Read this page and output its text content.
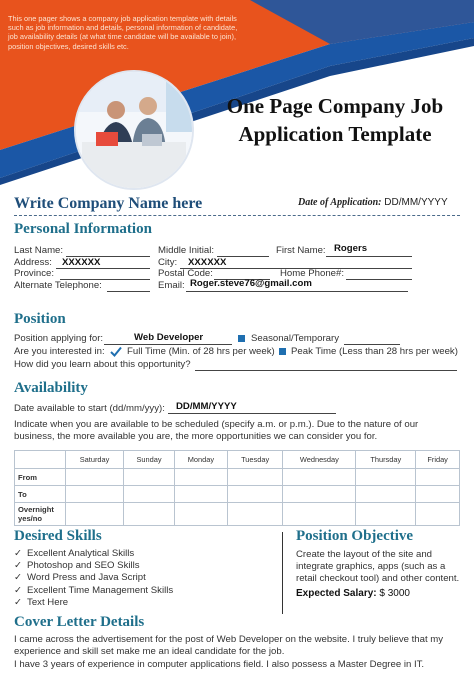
This one pager shows a company job application template with details such as job information and details, personal information of candidate, job availability details (at what time candidate will be available to join), position objectives, desired skills etc.
One Page Company Job
Application Template
Write Company Name here	Date of Application: DD/MM/YYYY
Personal Information
Last Name:	Middle Initial:	First Name: Rogers
Address: XXXXXX	City: XXXXXX
Province:	Postal Code:	Home Phone#:
Alternate Telephone:	Email: Roger.steve76@gmail.com
Position
Position applying for:	Web Developer	Seasonal/Temporary
Are you interested in: Full Time (Min. of 28 hrs per week) Peak Time (Less than 28 hrs per week)
How did you learn about this opportunity?
Availability
Date available to start (dd/mm/yyy): DD/MM/YYYY
Indicate when you are available to be scheduled (specify a.m. or p.m.). Due to the nature of our
business, the more available you are, the more opportunities we can consider you for.
	Saturday	Sunday	Monday	Tuesday	Wednesday	Thursday	Friday
From							
To							
Overnight yes/no							
Desired Skills
✓ Excellent Analytical Skills
✓ Photoshop and SEO Skills
✓ Word Press and Java Script
✓ Excellent Time Management Skills
✓ Text Here
Position Objective
Create the layout of the site and integrate graphics, apps (such as a retail checkout tool) and other content.
Expected Salary: $ 3000
Cover Letter Details

I came across the advertisement for the post of Web Developer on the website. I truly believe that my

experience and skill set make me an ideal candidate for the job.

I have 3 years of experience in computer applications field. I also possess a Master Degree in IT.
